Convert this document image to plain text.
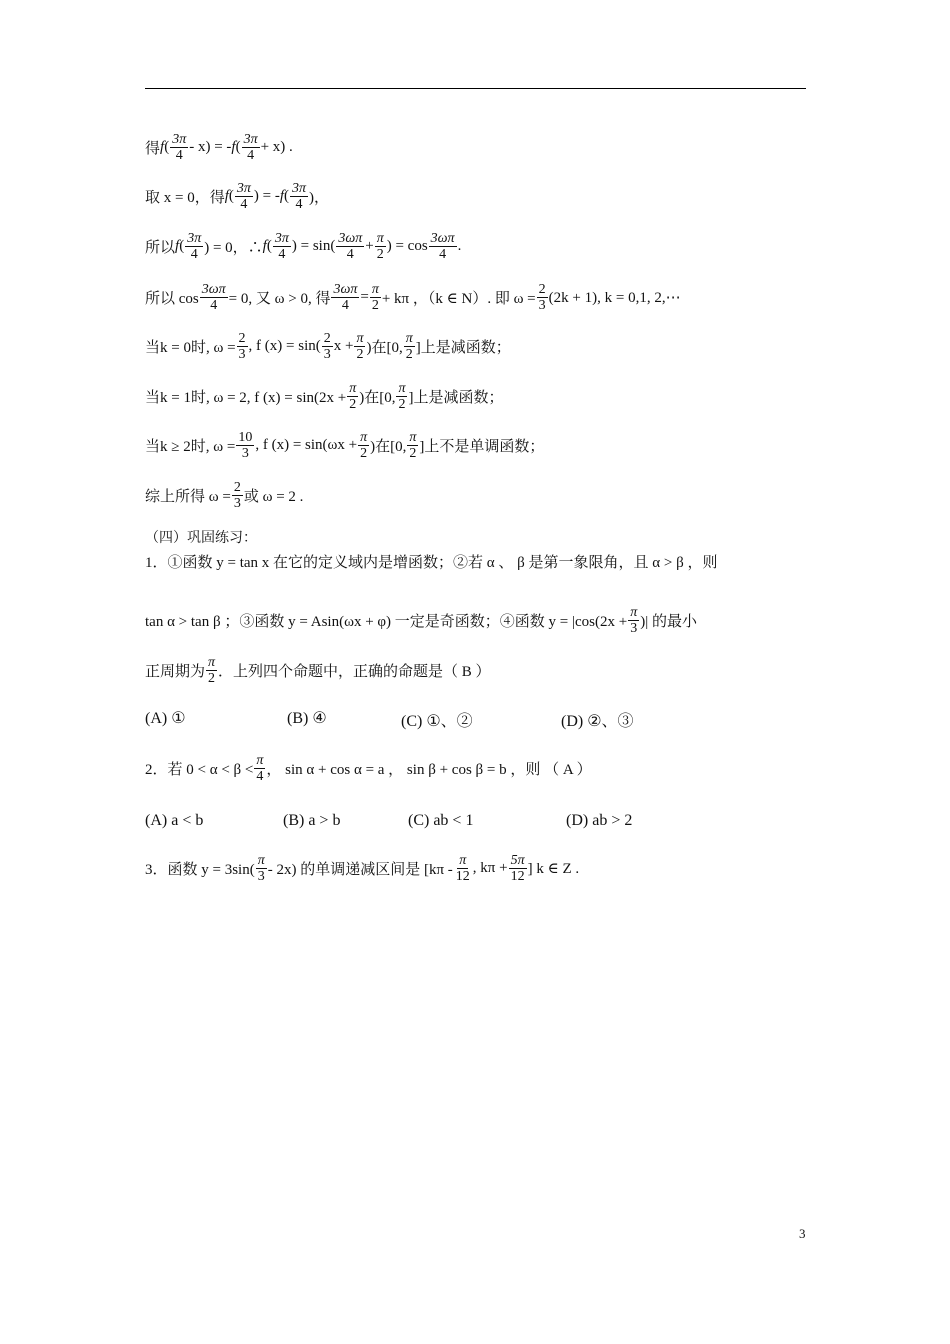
得 f ( $\frac{3\pi}{4} - x$) = - f ( $\frac{3\pi}{4} + x$) .
取 x = 0，得 f ( $\frac{3\pi}{4}$ ) = - f ( $\frac{3\pi}{4}$ )，
所以 f ( $\frac{3\pi}{4}$ ) = 0，∴ f ( $\frac{3\pi}{4}$ ) = $\sin( \frac{3\omega\pi}{4} + \frac{\pi}{2}$ ) = $\cos \frac{3\omega\pi}{4}$ .
所以 $\cos \frac{3\omega\pi}{4} = 0$, 又 ω > 0, 得 $\frac{3\omega\pi}{4} = \frac{\pi}{2} + k\pi$ ，（k ∈ N）. 即 $\omega = \frac{2}{3} (2k + 1)$, k = 0,1, 2,⋯
当k = 0时, $\omega = \frac{2}{3}$ , f $(x) = \sin( \frac{2}{3}$ $x + \frac{\pi}{2}$ )在[0, $\frac{\pi}{2}$ ]上是减函数；
当k = 1时, ω = 2, f $(x) = \sin(2x + \frac{\pi}{2}$ )在[0, $\frac{\pi}{2}$ ]上是减函数；
当k ≥ 2时, $\omega = \frac{10}{3}$ , f $(x) = \sin(\omega x + \frac{\pi}{2}$ )在[0, $\frac{\pi}{2}$ ]上不是单调函数；
综上所得 $\omega = \frac{2}{3}$ 或 ω = 2 .
（四）巩固练习：
1．①函数 y = tan x 在它的定义域内是增函数；②若 α 、 β 是第一象限角，且 α > β ，则
tan α > tan β ；③函数 y = Asin(ωx + φ) 一定是奇函数；④函数 $y = |\cos(2x + \frac{\pi}{3}$ )| 的最小
正周期为 $\frac{\pi}{2}$ ．上列四个命题中，正确的命题是（ B ）
(A) ①	(B) ④	(C) ①、②	(D) ②、③
2．若 $0 < \alpha < \beta < \frac{\pi}{4}$ ， sin α + cos α = a ， sin β + cos β = b ，则 （ A ）
(A) a < b	(B) a > b	(C) ab < 1	(D) ab > 2
3．函数 $y = 3\sin( \frac{\pi}{3} - 2x)$ 的单调递减区间是 [$k\pi - \frac{\pi}{12}$ , $k\pi + \frac{5\pi}{12}$ ] k ∈ Z .
3
